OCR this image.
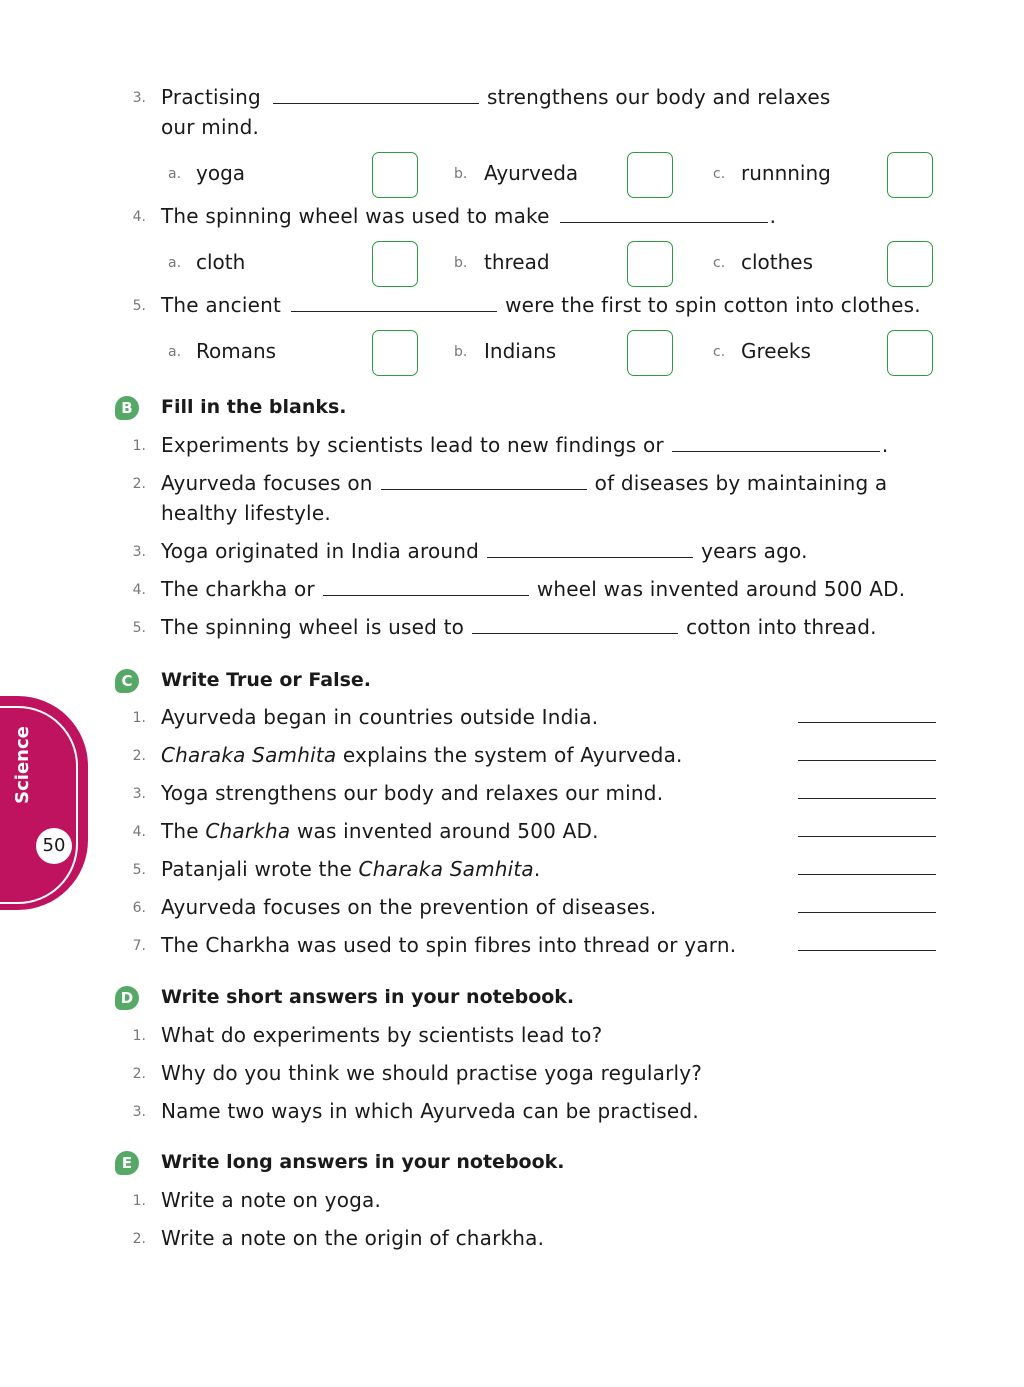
3. Practising	strengthens our body and relaxes
our mind.
a. yoga	b. Ayurveda	c. runnning
4. The spinning wheel was used to make	.
a. cloth	b. thread	c. clothes
5. The ancient	were the first to spin cotton into clothes.
a. Romans	b. Indians	c. Greeks
B	Fill in the blanks.
1. Experiments by scientists lead to new findings or	.
2. Ayurveda focuses on	of diseases by maintaining a
healthy lifestyle.
3. Yoga originated in India around	years ago.
4. The charkha or	wheel was invented around 500 AD.
5. The spinning wheel is used to	cotton into thread.
C	Write True or False.
1. Ayurveda began in countries outside India.
2. Charaka Samhita explains the system of Ayurveda.
3. Yoga strengthens our body and relaxes our mind.
4. The Charkha was invented around 500 AD.
5. Patanjali wrote the Charaka Samhita.
6. Ayurveda focuses on the prevention of diseases.
7. The Charkha was used to spin fibres into thread or yarn.
D	Write short answers in your notebook.
1. What do experiments by scientists lead to?
2. Why do you think we should practise yoga regularly?
3. Name two ways in which Ayurveda can be practised.
E	Write long answers in your notebook.
1. Write a note on yoga.
2. Write a note on the origin of charkha.
Science
50
